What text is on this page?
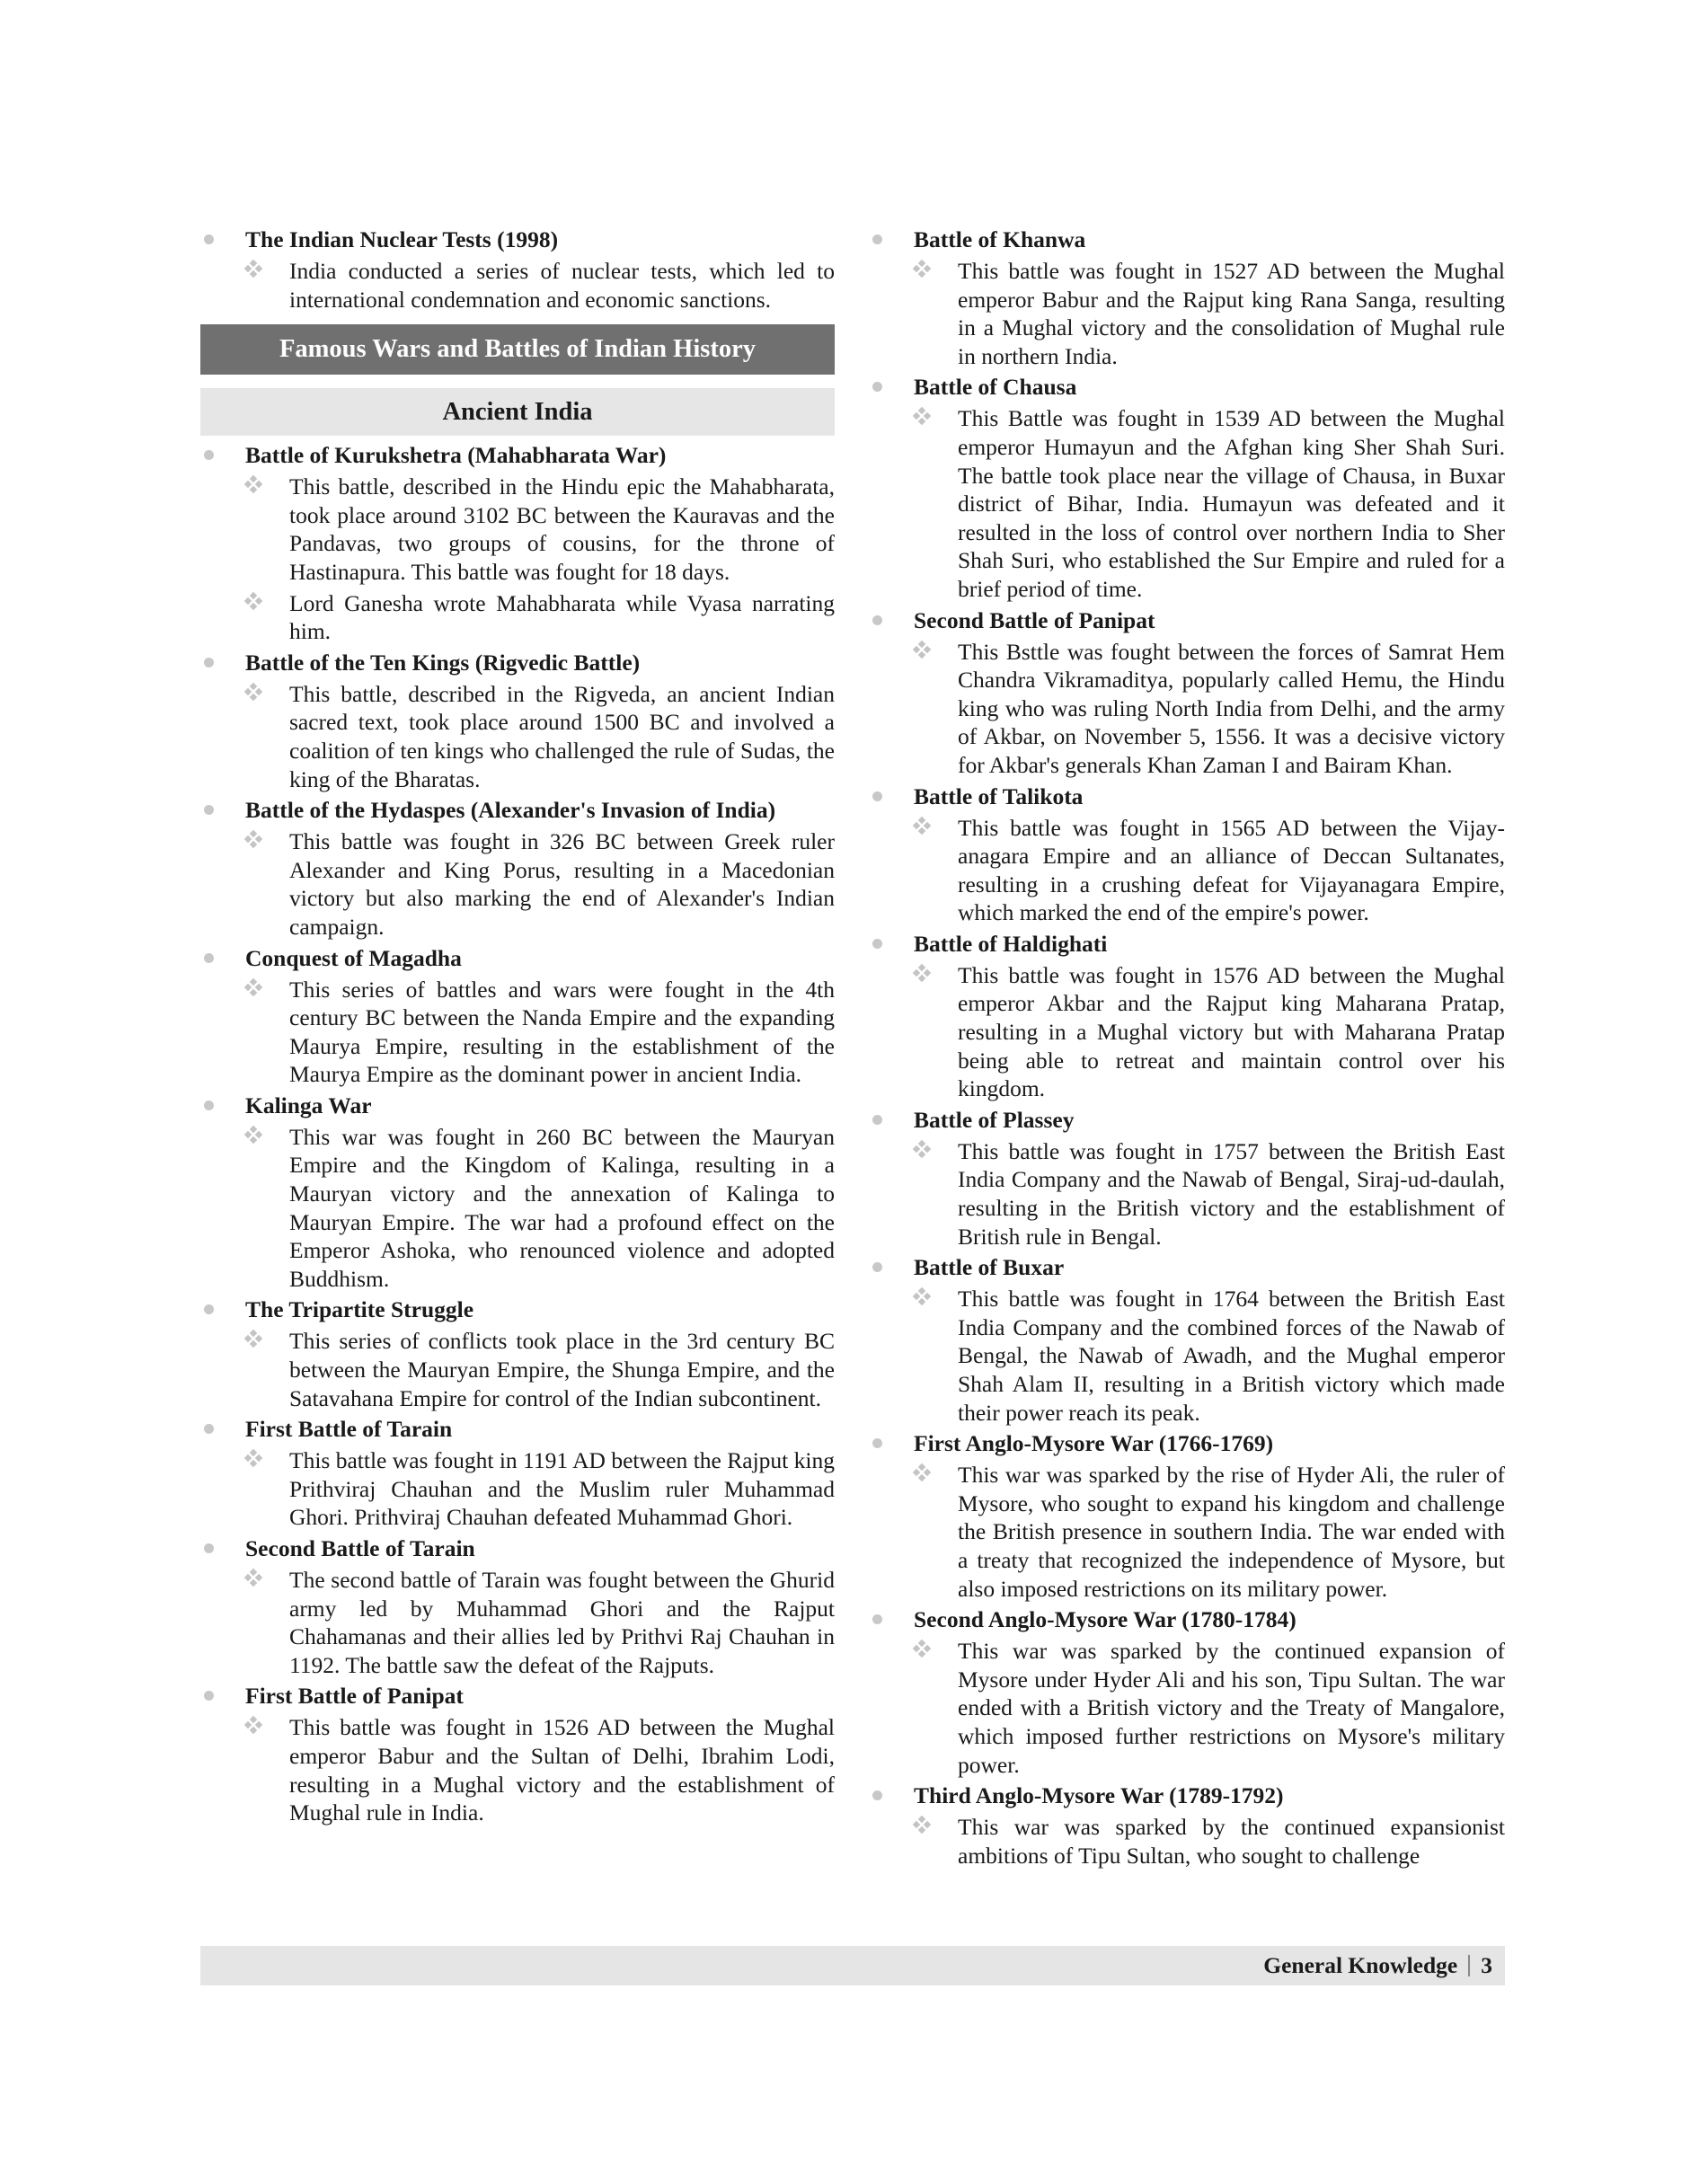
The Indian Nuclear Tests (1998)
India conducted a series of nuclear tests, which led to international condemnation and economic sanctions.
Famous Wars and Battles of Indian History
Ancient India
Battle of Kurukshetra (Mahabharata War)
This battle, described in the Hindu epic the Mahabharata, took place around 3102 BC between the Kauravas and the Pandavas, two groups of cousins, for the throne of Hastinapura. This battle was fought for 18 days.
Lord Ganesha wrote Mahabharata while Vyasa narrating him.
Battle of the Ten Kings (Rigvedic Battle)
This battle, described in the Rigveda, an ancient Indian sacred text, took place around 1500 BC and involved a coalition of ten kings who challenged the rule of Sudas, the king of the Bharatas.
Battle of the Hydaspes (Alexander's Invasion of India)
This battle was fought in 326 BC between Greek ruler Alexander and King Porus, resulting in a Macedonian victory but also marking the end of Alexander's Indian campaign.
Conquest of Magadha
This series of battles and wars were fought in the 4th century BC between the Nanda Empire and the expanding Maurya Empire, resulting in the establishment of the Maurya Empire as the dominant power in ancient India.
Kalinga War
This war was fought in 260 BC between the Mauryan Empire and the Kingdom of Kalinga, resulting in a Mauryan victory and the annexation of Kalinga to Mauryan Empire. The war had a profound effect on the Emperor Ashoka, who renounced violence and adopted Buddhism.
The Tripartite Struggle
This series of conflicts took place in the 3rd century BC between the Mauryan Empire, the Shunga Empire, and the Satavahana Empire for control of the Indian subcontinent.
First Battle of Tarain
This battle was fought in 1191 AD between the Rajput king Prithviraj Chauhan and the Muslim ruler Muhammad Ghori. Prithviraj Chauhan defeated Muhammad Ghori.
Second Battle of Tarain
The second battle of Tarain was fought between the Ghurid army led by Muhammad Ghori and the Rajput Chahamanas and their allies led by Prithvi Raj Chauhan in 1192. The battle saw the defeat of the Rajputs.
First Battle of Panipat
This battle was fought in 1526 AD between the Mughal emperor Babur and the Sultan of Delhi, Ibrahim Lodi, resulting in a Mughal victory and the establishment of Mughal rule in India.
Battle of Khanwa
This battle was fought in 1527 AD between the Mughal emperor Babur and the Rajput king Rana Sanga, resulting in a Mughal victory and the consolidation of Mughal rule in northern India.
Battle of Chausa
This Battle was fought in 1539 AD between the Mughal emperor Humayun and the Afghan king Sher Shah Suri. The battle took place near the village of Chausa, in Buxar district of Bihar, India. Humayun was defeated and it resulted in the loss of control over northern India to Sher Shah Suri, who established the Sur Empire and ruled for a brief period of time.
Second Battle of Panipat
This Bsttle was fought between the forces of Samrat Hem Chandra Vikramaditya, popularly called Hemu, the Hindu king who was ruling North India from Delhi, and the army of Akbar, on November 5, 1556. It was a decisive victory for Akbar's generals Khan Zaman I and Bairam Khan.
Battle of Talikota
This battle was fought in 1565 AD between the Vijay-anagara Empire and an alliance of Deccan Sultanates, resulting in a crushing defeat for Vijayanagara Empire, which marked the end of the empire's power.
Battle of Haldighati
This battle was fought in 1576 AD between the Mughal emperor Akbar and the Rajput king Maharana Pratap, resulting in a Mughal victory but with Maharana Pratap being able to retreat and maintain control over his kingdom.
Battle of Plassey
This battle was fought in 1757 between the British East India Company and the Nawab of Bengal, Siraj-ud-daulah, resulting in the British victory and the establishment of British rule in Bengal.
Battle of Buxar
This battle was fought in 1764 between the British East India Company and the combined forces of the Nawab of Bengal, the Nawab of Awadh, and the Mughal emperor Shah Alam II, resulting in a British victory which made their power reach its peak.
First Anglo-Mysore War (1766-1769)
This war was sparked by the rise of Hyder Ali, the ruler of Mysore, who sought to expand his kingdom and challenge the British presence in southern India. The war ended with a treaty that recognized the independence of Mysore, but also imposed restrictions on its military power.
Second Anglo-Mysore War (1780-1784)
This war was sparked by the continued expansion of Mysore under Hyder Ali and his son, Tipu Sultan. The war ended with a British victory and the Treaty of Mangalore, which imposed further restrictions on Mysore's military power.
Third Anglo-Mysore War (1789-1792)
This war was sparked by the continued expansionist ambitions of Tipu Sultan, who sought to challenge
General Knowledge 3
